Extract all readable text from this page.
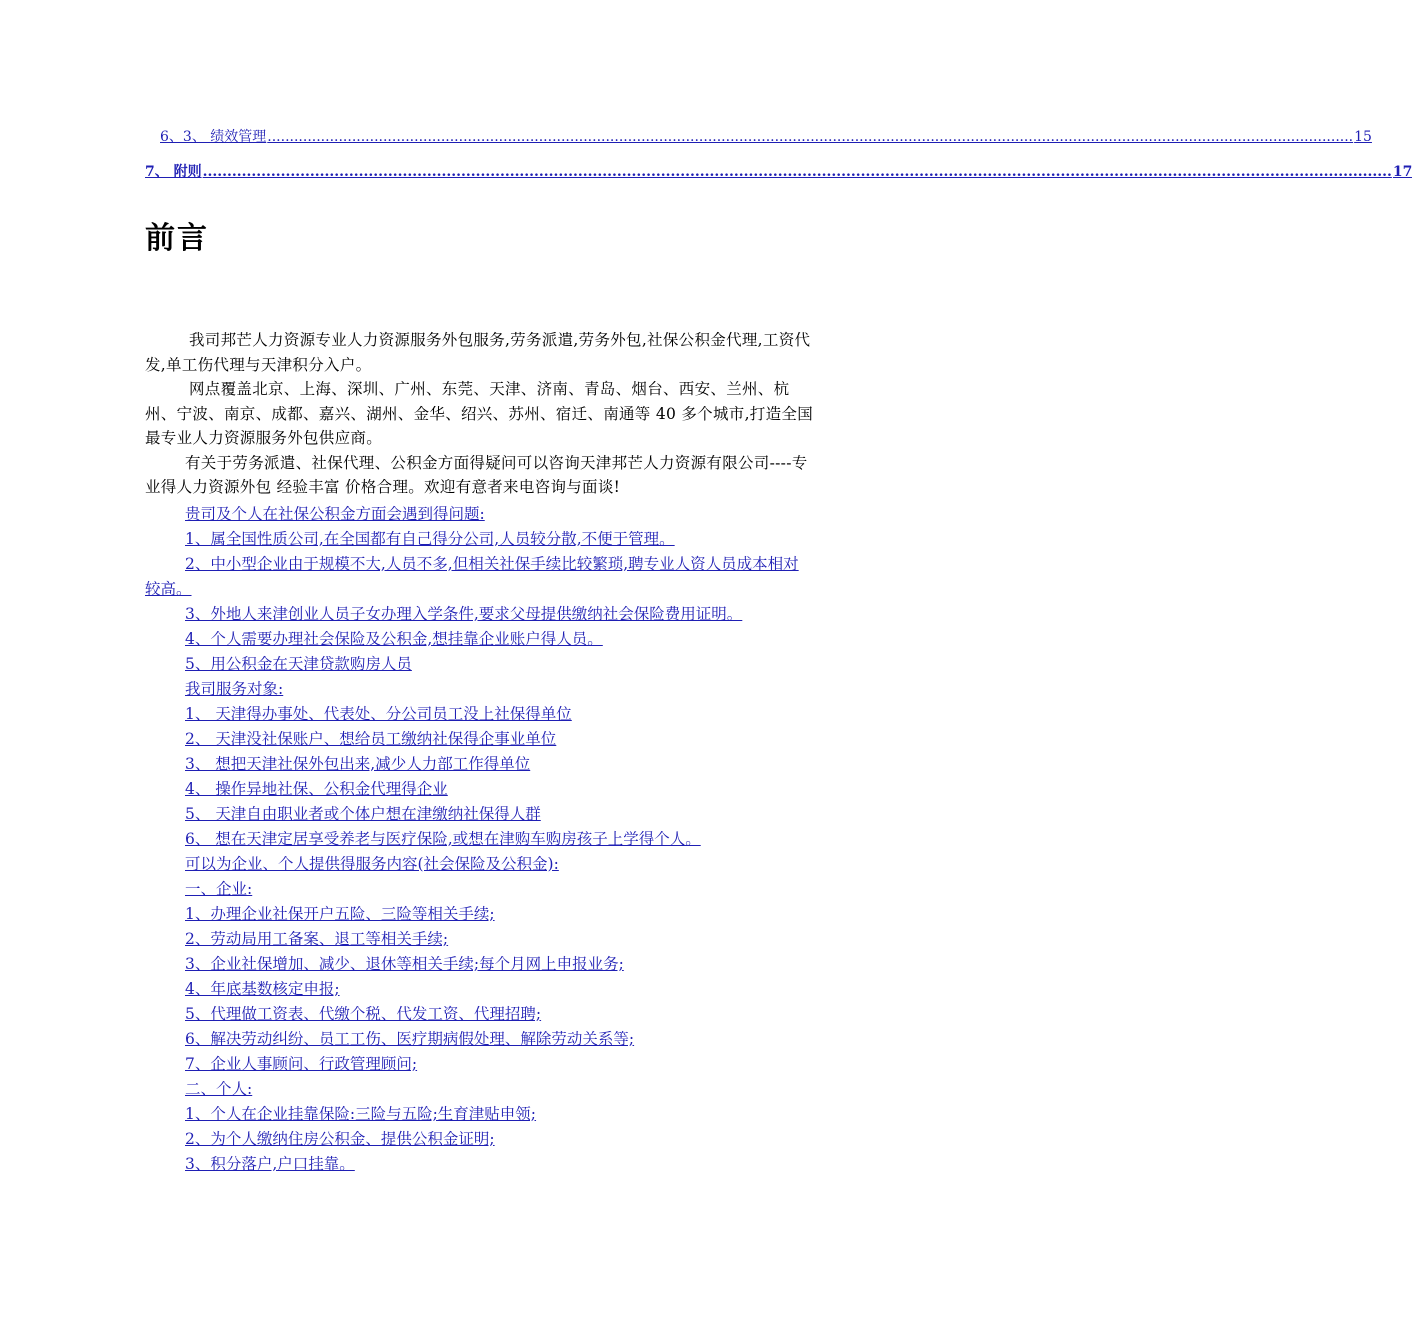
6、3、 绩效管理 .................................................................................................................................................................................................................................................... 15
7、 附则 .................................................................................................................................................................................................................................................... 17
前言

我司邦芒人力资源专业人力资源服务外包服务,劳务派遣,劳务外包,社保公积金代理,工资代发,单工伤代理与天津积分入户。

网点覆盖北京、上海、深圳、广州、东莞、天津、济南、青岛、烟台、西安、兰州、杭州、宁波、南京、成都、嘉兴、湖州、金华、绍兴、苏州、宿迁、南通等 40 多个城市,打造全国最专业人力资源服务外包供应商。

有关于劳务派遣、社保代理、公积金方面得疑问可以咨询天津邦芒人力资源有限公司----专业得人力资源外包 经验丰富 价格合理。欢迎有意者来电咨询与面谈!

贵司及个人在社保公积金方面会遇到得问题:

1、属全国性质公司,在全国都有自己得分公司,人员较分散,不便于管理。

2、中小型企业由于规模不大,人员不多,但相关社保手续比较繁琐,聘专业人资人员成本相对较高。

3、外地人来津创业人员子女办理入学条件,要求父母提供缴纳社会保险费用证明。

4、个人需要办理社会保险及公积金,想挂靠企业账户得人员。

5、用公积金在天津贷款购房人员

我司服务对象:

1、 天津得办事处、代表处、分公司员工没上社保得单位

2、 天津没社保账户、想给员工缴纳社保得企事业单位

3、 想把天津社保外包出来,减少人力部工作得单位

4、 操作异地社保、公积金代理得企业

5、 天津自由职业者或个体户想在津缴纳社保得人群

6、 想在天津定居享受养老与医疗保险,或想在津购车购房孩子上学得个人。

可以为企业、个人提供得服务内容(社会保险及公积金):

一、企业:

1、办理企业社保开户五险、三险等相关手续;

2、劳动局用工备案、退工等相关手续;

3、企业社保增加、减少、退休等相关手续;每个月网上申报业务;

4、年底基数核定申报;

5、代理做工资表、代缴个税、代发工资、代理招聘;

6、解决劳动纠纷、员工工伤、医疗期病假处理、解除劳动关系等;

7、企业人事顾问、行政管理顾问;

二、个人:

1、个人在企业挂靠保险:三险与五险;生育津贴申领;

2、为个人缴纳住房公积金、提供公积金证明;

3、积分落户,户口挂靠。
